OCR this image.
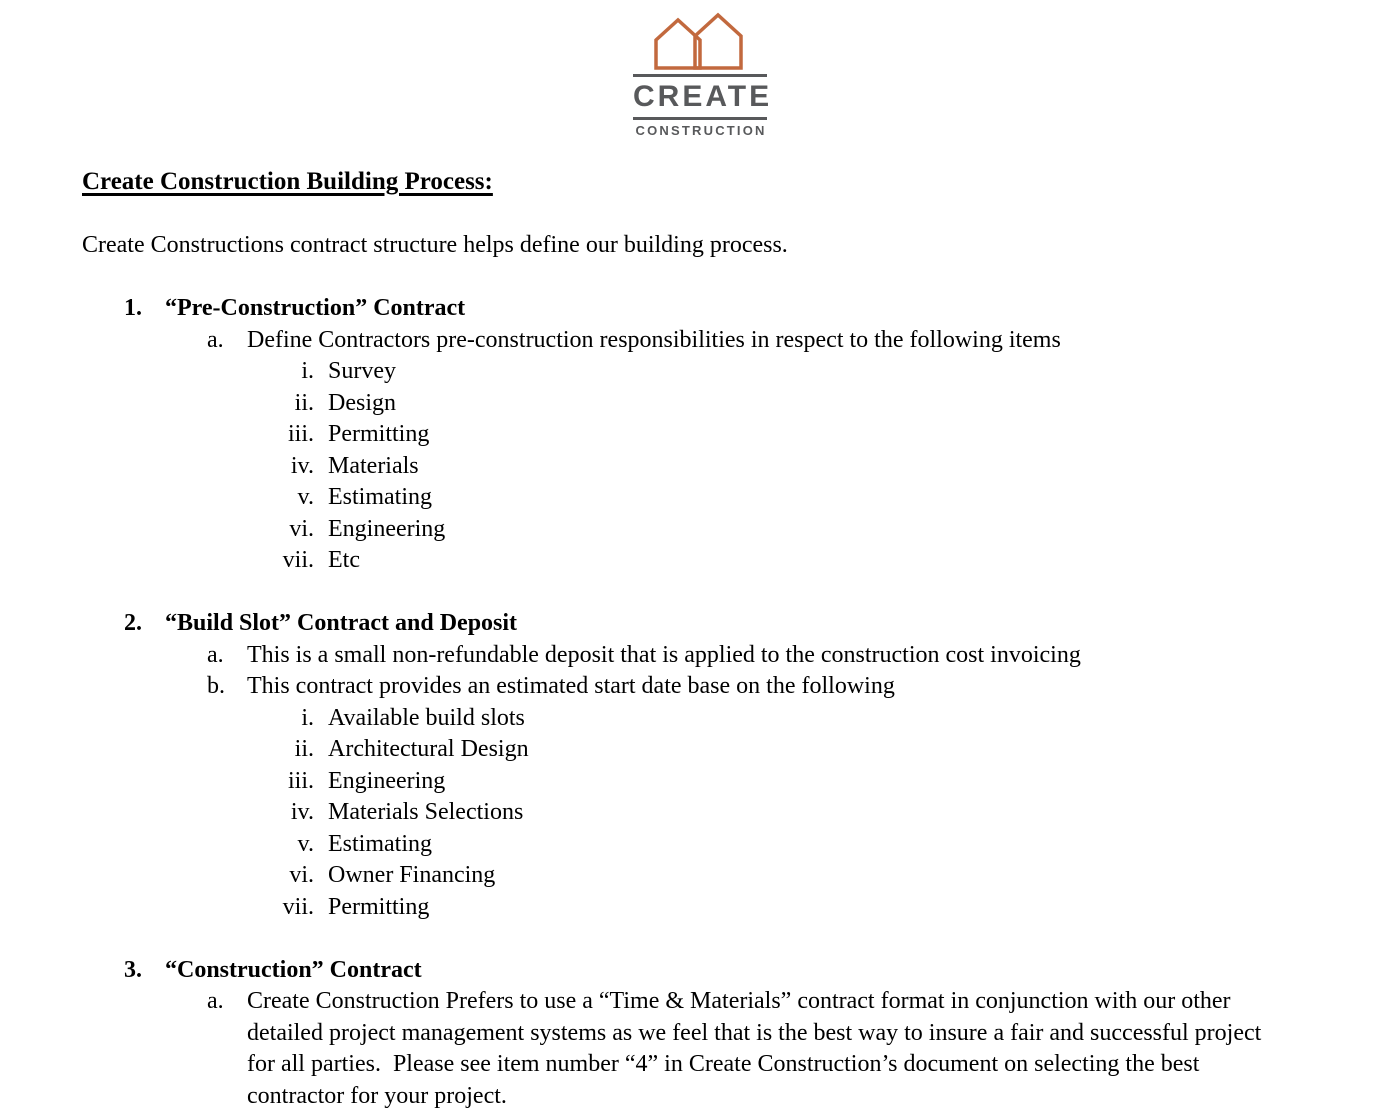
CREATE
CONSTRUCTION
Create Construction Building Process:

Create Constructions contract structure helps define our building process.

1. “Pre-Construction” Contract
a. Define Contractors pre-construction responsibilities in respect to the following items
i. Survey
ii. Design
iii. Permitting
iv. Materials
v. Estimating
vi. Engineering
vii. Etc
2. “Build Slot” Contract and Deposit
a. This is a small non-refundable deposit that is applied to the construction cost invoicing
b. This contract provides an estimated start date base on the following
i. Available build slots
ii. Architectural Design
iii. Engineering
iv. Materials Selections
v. Estimating
vi. Owner Financing
vii. Permitting
3. “Construction” Contract
a. Create Construction Prefers to use a “Time & Materials” contract format in conjunction with our other detailed project management systems as we feel that is the best way to insure a fair and successful project for all parties.  Please see item number “4” in Create Construction’s document on selecting the best contractor for your project.
